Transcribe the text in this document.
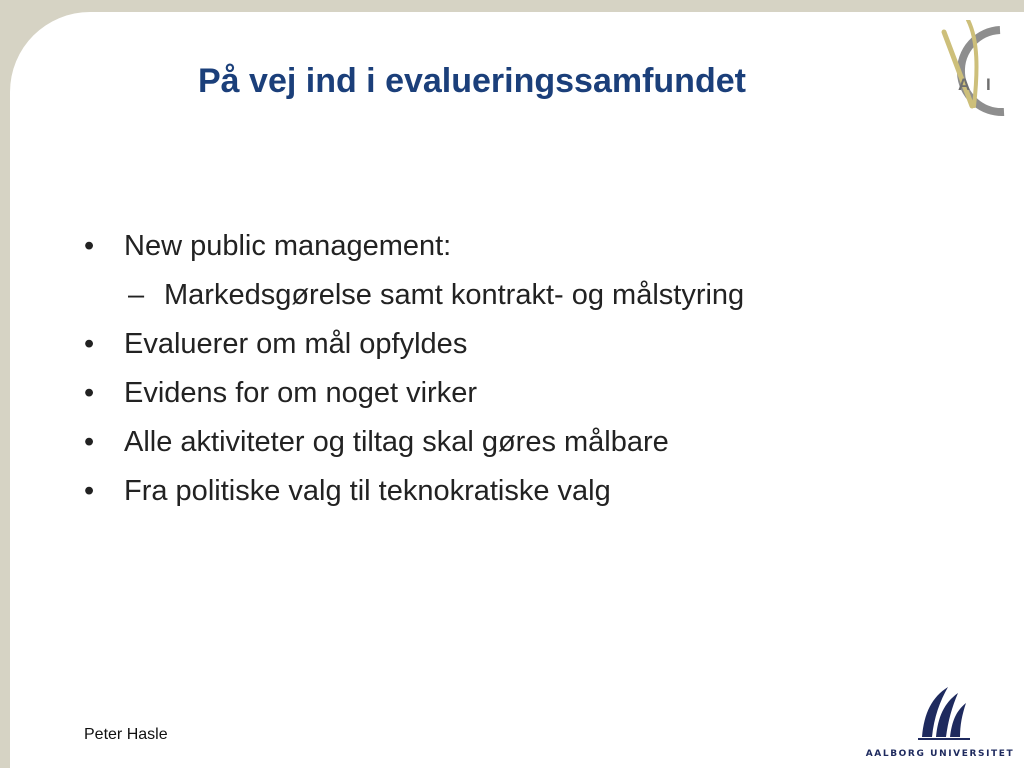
På vej ind i evalueringssamfundet
• New public management:
– Markedsgørelse samt kontrakt- og målstyring
• Evaluerer om mål opfyldes
• Evidens for om noget virker
• Alle aktiviteter og tiltag skal gøres målbare
• Fra politiske valg til teknokratiske valg
Peter Hasle
A I
AALBORG UNIVERSITET
